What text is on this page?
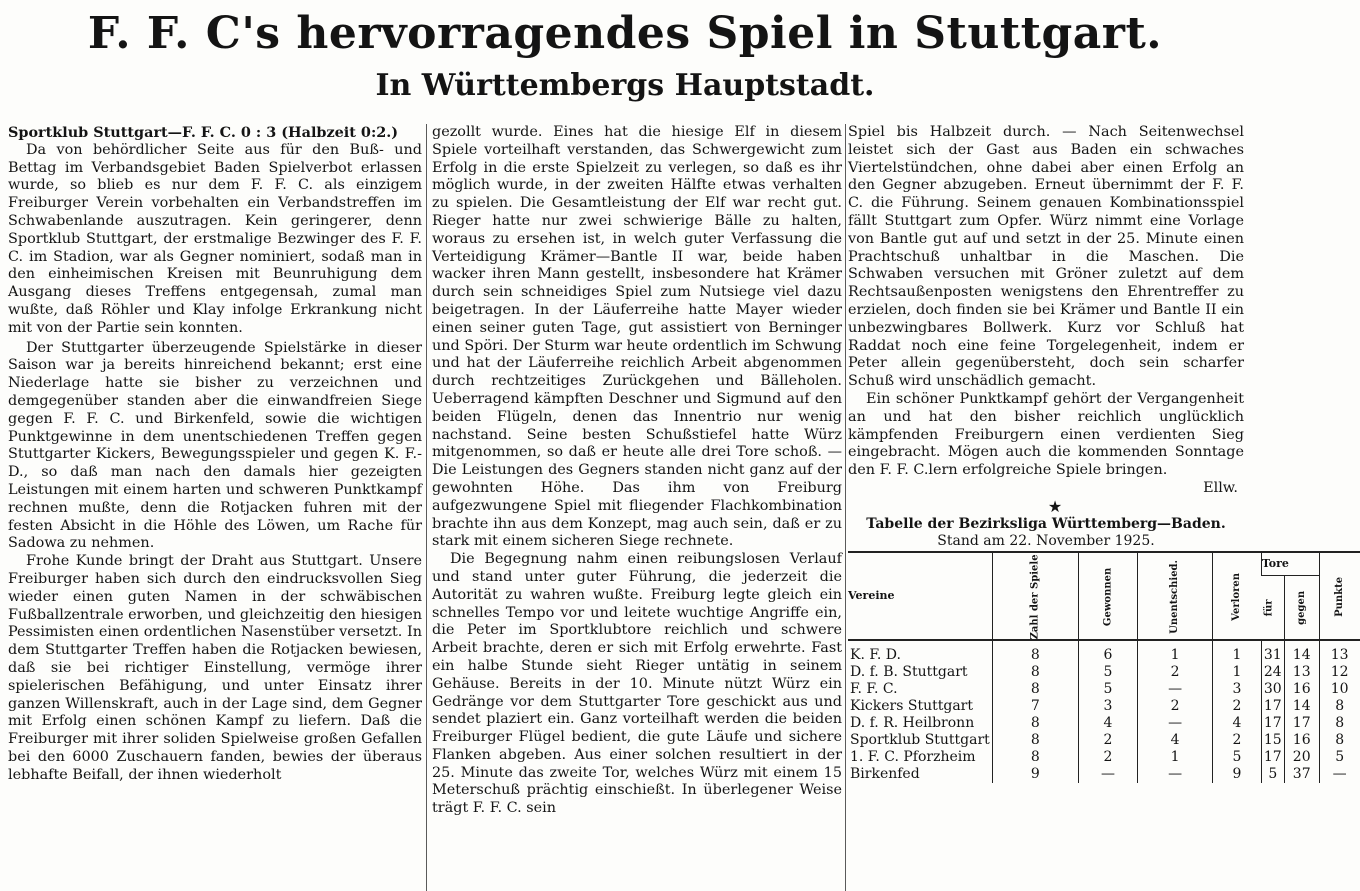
F. F. C's hervorragendes Spiel in Stuttgart.
In Württembergs Hauptstadt.

Sportklub Stuttgart—F. F. C. 0 : 3 (Halbzeit 0:2.)

Da von behördlicher Seite aus für den Buß- und Bettag im Verbandsgebiet Baden Spielverbot erlassen wurde, so blieb es nur dem F. F. C. als einzigem Freiburger Verein vorbehalten ein Verbandstreffen im Schwabenlande auszutragen. Kein geringerer, denn Sportklub Stuttgart, der erstmalige Bezwinger des F. F. C. im Stadion, war als Gegner nominiert, sodaß man in den einheimischen Kreisen mit Beunruhigung dem Ausgang dieses Treffens entgegensah, zumal man wußte, daß Röhler und Klay infolge Erkrankung nicht mit von der Partie sein konnten.

Der Stuttgarter überzeugende Spielstärke in dieser Saison war ja bereits hinreichend bekannt; erst eine Niederlage hatte sie bisher zu verzeichnen und demgegenüber standen aber die einwandfreien Siege gegen F. F. C. und Birkenfeld, sowie die wichtigen Punktgewinne in dem unentschiedenen Treffen gegen Stuttgarter Kickers, Bewegungsspieler und gegen K. F.-D., so daß man nach den damals hier gezeigten Leistungen mit einem harten und schweren Punktkampf rechnen mußte, denn die Rotjacken fuhren mit der festen Absicht in die Höhle des Löwen, um Rache für Sadowa zu nehmen.

Frohe Kunde bringt der Draht aus Stuttgart. Unsere Freiburger haben sich durch den eindrucksvollen Sieg wieder einen guten Namen in der schwäbischen Fußballzentrale erworben, und gleichzeitig den hiesigen Pessimisten einen ordentlichen Nasenstüber versetzt. In dem Stuttgarter Treffen haben die Rotjacken bewiesen, daß sie bei richtiger Einstellung, vermöge ihrer spielerischen Befähigung, und unter Einsatz ihrer ganzen Willenskraft, auch in der Lage sind, dem Gegner mit Erfolg einen schönen Kampf zu liefern. Daß die Freiburger mit ihrer soliden Spielweise großen Gefallen bei den 6000 Zuschauern fanden, bewies der überaus lebhafte Beifall, der ihnen wiederholt

gezollt wurde. Eines hat die hiesige Elf in diesem Spiele vorteilhaft verstanden, das Schwergewicht zum Erfolg in die erste Spielzeit zu verlegen, so daß es ihr möglich wurde, in der zweiten Hälfte etwas verhalten zu spielen. Die Gesamtleistung der Elf war recht gut. Rieger hatte nur zwei schwierige Bälle zu halten, woraus zu ersehen ist, in welch guter Verfassung die Verteidigung Krämer—Bantle II war, beide haben wacker ihren Mann gestellt, insbesondere hat Krämer durch sein schneidiges Spiel zum Nutsiege viel dazu beigetragen. In der Läuferreihe hatte Mayer wieder einen seiner guten Tage, gut assistiert von Berninger und Spöri. Der Sturm war heute ordentlich im Schwung und hat der Läuferreihe reichlich Arbeit abgenommen durch rechtzeitiges Zurückgehen und Bälleholen. Ueberragend kämpften Deschner und Sigmund auf den beiden Flügeln, denen das Innentrio nur wenig nachstand. Seine besten Schußstiefel hatte Würz mitgenommen, so daß er heute alle drei Tore schoß. — Die Leistungen des Gegners standen nicht ganz auf der gewohnten Höhe. Das ihm von Freiburg aufgezwungene Spiel mit fliegender Flachkombination brachte ihn aus dem Konzept, mag auch sein, daß er zu stark mit einem sicheren Siege rechnete.

Die Begegnung nahm einen reibungslosen Verlauf und stand unter guter Führung, die jederzeit die Autorität zu wahren wußte. Freiburg legte gleich ein schnelles Tempo vor und leitete wuchtige Angriffe ein, die Peter im Sportklubtore reichlich und schwere Arbeit brachte, deren er sich mit Erfolg erwehrte. Fast ein halbe Stunde sieht Rieger untätig in seinem Gehäuse. Bereits in der 10. Minute nützt Würz ein Gedränge vor dem Stuttgarter Tore geschickt aus und sendet plaziert ein. Ganz vorteilhaft werden die beiden Freiburger Flügel bedient, die gute Läufe und sichere Flanken abgeben. Aus einer solchen resultiert in der 25. Minute das zweite Tor, welches Würz mit einem 15 Meterschuß prächtig einschießt. In überlegener Weise trägt F. F. C. sein

Spiel bis Halbzeit durch. — Nach Seitenwechsel leistet sich der Gast aus Baden ein schwaches Viertelstündchen, ohne dabei aber einen Erfolg an den Gegner abzugeben. Erneut übernimmt der F. F. C. die Führung. Seinem genauen Kombinationsspiel fällt Stuttgart zum Opfer. Würz nimmt eine Vorlage von Bantle gut auf und setzt in der 25. Minute einen Prachtschuß unhaltbar in die Maschen. Die Schwaben versuchen mit Gröner zuletzt auf dem Rechtsaußenposten wenigstens den Ehrentreffer zu erzielen, doch finden sie bei Krämer und Bantle II ein unbezwingbares Bollwerk. Kurz vor Schluß hat Raddat noch eine feine Torgelegenheit, indem er Peter allein gegenübersteht, doch sein scharfer Schuß wird unschädlich gemacht.

Ein schöner Punktkampf gehört der Vergangenheit an und hat den bisher reichlich unglücklich kämpfenden Freiburgern einen verdienten Sieg eingebracht. Mögen auch die kommenden Sonntage den F. F. C.lern erfolgreiche Spiele bringen.

Ellw.

★

Tabelle der Bezirksliga Württemberg—Baden.

Stand am 22. November 1925.

Vereine	Zahl der Spiele	Gewonnen	Unentschied.	Verloren	Tore		Punkte
					für	gegen	
K. F. D.	8	6	1	1	31	14	13
D. f. B. Stuttgart	8	5	2	1	24	13	12
F. F. C.	8	5	—	3	30	16	10
Kickers Stuttgart	7	3	2	2	17	14	8
D. f. R. Heilbronn	8	4	—	4	17	17	8
Sportklub Stuttgart	8	2	4	2	15	16	8
1. F. C. Pforzheim	8	2	1	5	17	20	5
Birkenfed	9	—	—	9	5	37	—
